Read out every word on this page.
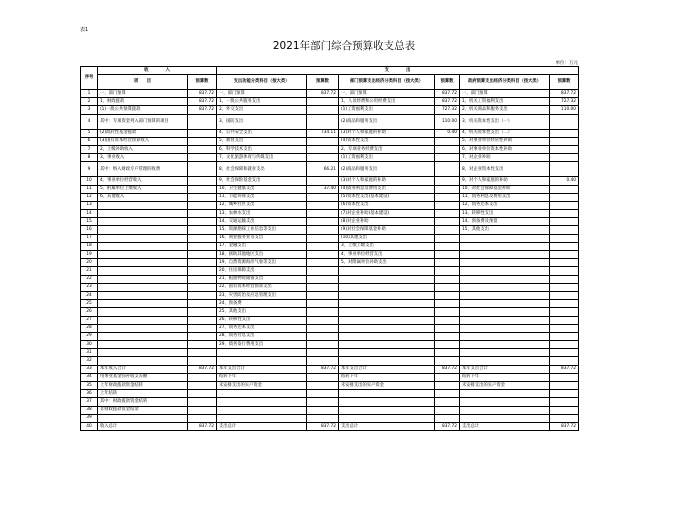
表1
2021年部门综合预算收支总表
单位：万元
序号	收　　　　入		支　　　　出					
	项　　目	预算数	支出功能分类科目（按大类）	预算数	部门预算支出经济分类科目（按大类）	预算数	政府预算支出经济分类科目（按大类）	预算数
1	一、部门预算	837.72	一、部门预算	837.72	一、部门预算	837.72	一、部门预算	837.72
2	1、财政拨款	837.72	1、一般公共服务支出		1、人员经费和公用经费支出	837.72	1、机关工资福利支出	727.32
3	(1)一般公共预算拨款	837.72	2、外交支出		(1)工资福利支出	727.32	2、机关商品和服务支出	110.00
4	其中：专项资金列入部门预算的项目		3、国防支出		(2)商品和服务支出	110.00	3、机关资本性支出（一）	
5	(2)政府性基金拨款		4、公共安全支出	734.11	(3)对个人和家庭的补助	0.40	4、机关资本性支出（二）	
6	(3)国有资本经营预算收入		5、教育支出		(4)资本性支出		5、对事业单位经常性补助	
7	2、上级补助收入		6、科学技术支出		2、专项业务经费支出		6、对事业单位资本性补助	
8	3、事业收入		7、文化旅游体育与传媒支出		(1)工资福利支出		7、对企业补助	
9	其中：纳入财政专户管理的收费		8、社会保障和就业支出	66.21	(2)商品和服务支出		8、对企业资本性支出	
10	4、事业单位经营收入		9、社会保险基金支出		(3)对个人和家庭的补助		9、对个人和家庭的补助	0.40
11	5、附属单位上缴收入		10、卫生健康支出	37.40	(4)债务利息及费用支出		10、对社会保障基金补助	
12	6、其他收入		11、节能环保支出		(5)资本性支出(基本建设)		11、债务利息及费用支出	
13			12、城乡社区支出		(6)资本性支出		12、债务还本支出	
14			13、农林水支出		(7)对企业补助(基本建设)		13、转移性支出	
15			14、交通运输支出		(8)对企业补助		14、预备费及预留	
16			15、资源勘探工业信息等支出		(9)对社会保障基金补助		15、其他支出	
17			16、商业服务业等支出		(10)其他支出			
18			17、金融支出		3、上缴上级支出			
19			18、援助其他地区支出		4、事业单位经营支出			
20			19、自然资源海洋气象等支出		5、对附属单位补助支出			
21			20、住房保障支出					
22			21、粮油物资储备支出					
23			22、国有资本经营预算支出					
24			23、灾害防治及应急管理支出					
25			24、预备费					
26			25、其他支出					
27			26、转移性支出					
28			27、债务还本支出					
29			28、债务付息支出					
30			29、债务发行费用支出					
31								
32								
33	本年收入合计	837.72	本年支出合计	837.72	本年支出合计	837.72	本年支出合计	837.72
34	用事业基金弥补收支差额		结转下年		结转下年		结转下年	
35	上年财政拨款资金结转		未安排支出的实户资金		未安排支出的实户资金		未安排支出的实户资金	
36	上年结转							
37	其中：财政拨款资金结转							
38	非财政拨款资金结余							
39								
40	收入总计	837.72	支出总计	837.72	支出总计	837.72	支出总计	837.72
